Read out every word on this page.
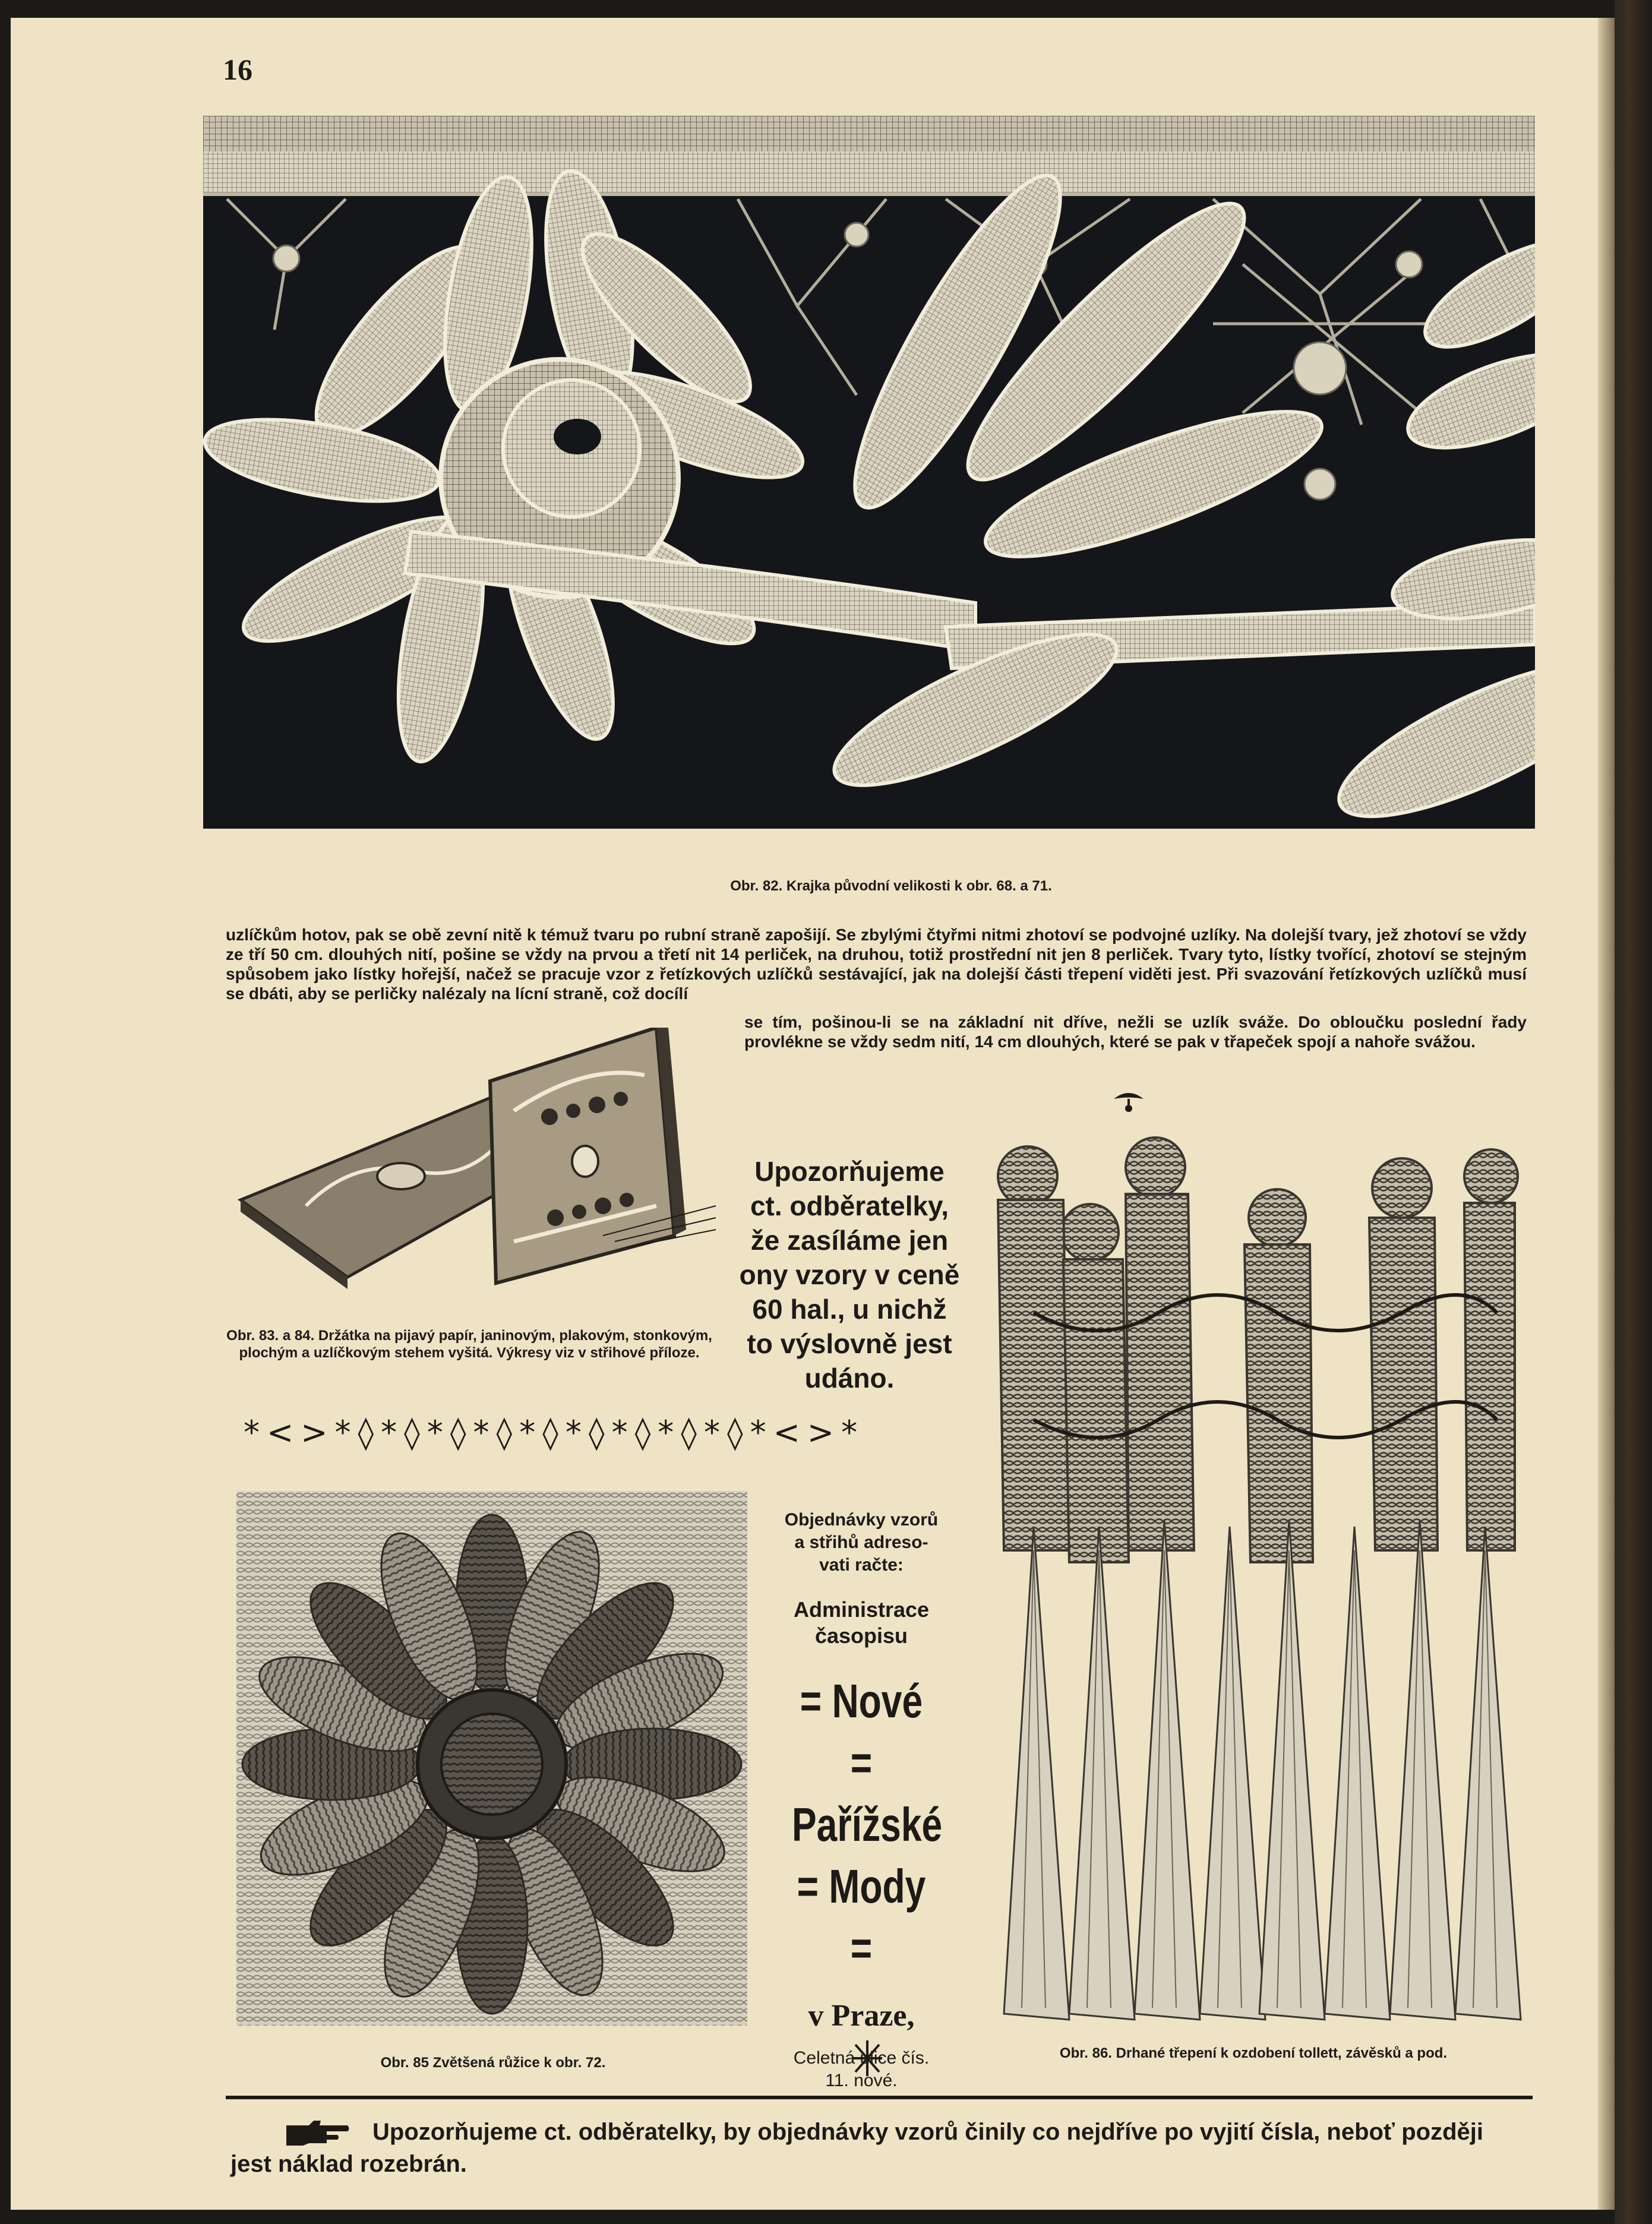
16
Obr. 82. Krajka původní velikosti k obr. 68. a 71.
uzlíčkům hotov, pak se obě zevní nitě k témuž tvaru po rubní straně zapošijí. Se zbylými čtyřmi nitmi zhotoví se podvojné uzlíky. Na dolejší tvary, jež zhotoví se vždy ze tří 50 cm. dlouhých nití, pošine se vždy na prvou a třetí nit 14 perliček, na druhou, totiž prostřední nit jen 8 perliček. Tvary tyto, lístky tvořící, zhotoví se stejným spůsobem jako lístky hořejší, načež se pracuje vzor z řetízkových uzlíčků sestávající, jak na dolejší části třepení viděti jest. Při svazování řetízkových uzlíčků musí se dbáti, aby se perličky nalézaly na lícní straně, což docílí
se tím, pošinou-li se na základní nit dříve, nežli se uzlík sváže. Do obloučku poslední řady provlékne se vždy sedm nití, 14 cm dlouhých, které se pak v třapeček spojí a nahoře svážou.
Obr. 83. a 84. Držátka na pijavý papír, janinovým, plakovým, stonkovým, plochým a uzlíčkovým stehem vyšitá. Výkresy viz v střihové příloze.
Upozorňujeme
ct. odběratelky,
že zasíláme jen
ony vzory v ceně
60 hal., u nichž
to výslovně jest
udáno.
*<>*◊*◊*◊*◊*◊*◊*◊*◊*◊*<>*
Obr. 85 Zvětšená růžice k obr. 72.
Objednávky vzorů
a střihů adreso-
vati račte:
Administrace
časopisu
= Nové =
Pařížské
= Mody =
v Praze,
Celetná ulice čís.
11. nové.
Obr. 86. Drhané třepení k ozdobení tollett, závěsků a pod.
Upozorňujeme ct. odběratelky, by objednávky vzorů činily co nejdříve po vyjití čísla, neboť později
jest náklad rozebrán.
